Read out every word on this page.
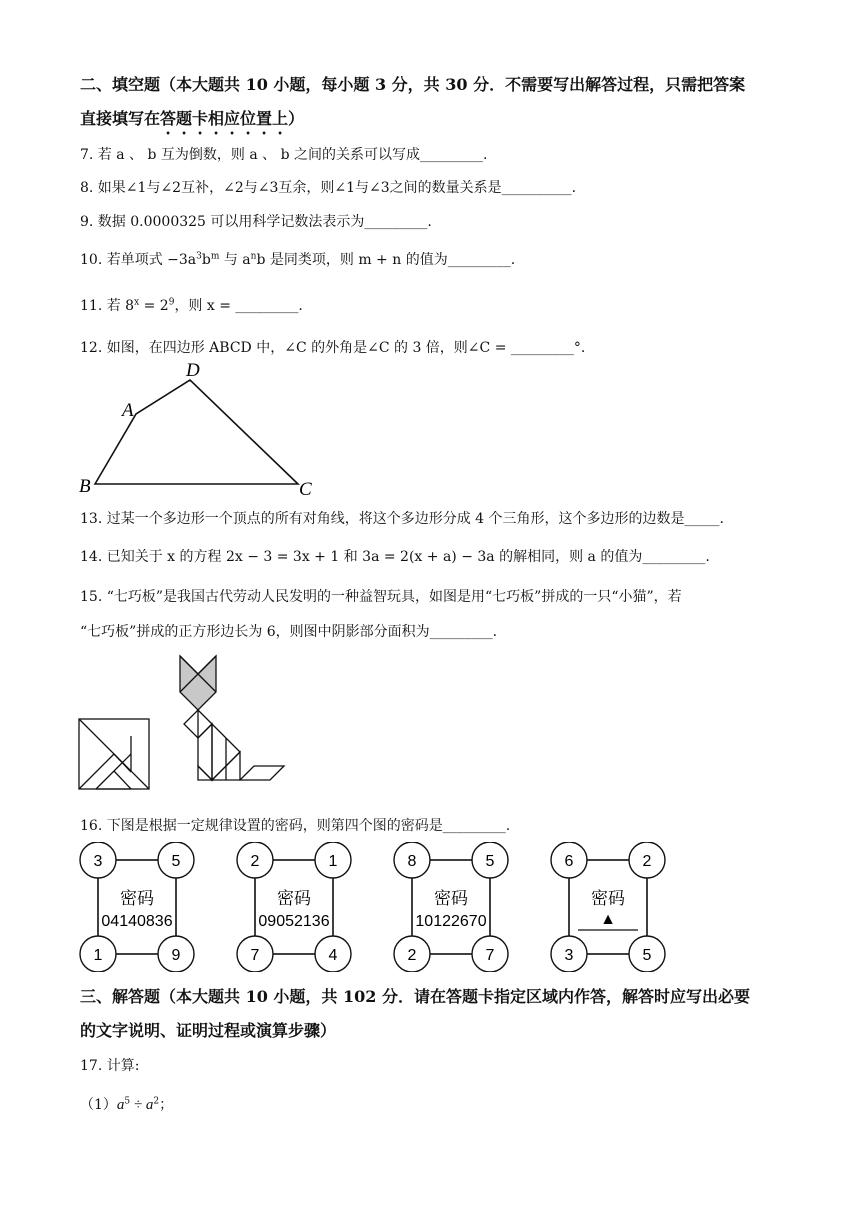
二、填空题（本大题共 10 小题，每小题 3 分，共 30 分．不需要写出解答过程，只需把答案
直接填写在答题卡相应位置上）
7. 若 a 、 b 互为倒数，则 a 、 b 之间的关系可以写成_________.
8. 如果∠1与∠2互补，∠2与∠3互余，则∠1与∠3之间的数量关系是__________.
9. 数据 0.0000325 可以用科学记数法表示为_________.
10. 若单项式 $-3a^3b^m$ 与 $a^nb$ 是同类项，则 m + n 的值为_________.
11. 若 $8^x = 2^9$，则 x = _________.
12. 如图，在四边形 ABCD 中，∠C 的外角是∠C 的 3 倍，则∠C = _________°.
A
B	C
D
13. 过某一个多边形一个顶点的所有对角线，将这个多边形分成 4 个三角形，这个多边形的边数是_____.
14. 已知关于 x 的方程 2x − 3 = 3x + 1 和 3a = 2(x + a) − 3a 的解相同，则 a 的值为_________.
15. “七巧板”是我国古代劳动人民发明的一种益智玩具，如图是用“七巧板”拼成的一只“小猫”，若
“七巧板”拼成的正方形边长为 6，则图中阴影部分面积为_________.
16. 下图是根据一定规律设置的密码，则第四个图的密码是_________.
3	5
1	9
密码
04140836
2	1
7	4
密码
09052136
8	5
2	7
密码
10122670
6	2
3	5
密码
▲
三、解答题（本大题共 10 小题，共 102 分．请在答题卡指定区域内作答，解答时应写出必要
的文字说明、证明过程或演算步骤）
17. 计算:
$(1)a^5 \div a^2$；
